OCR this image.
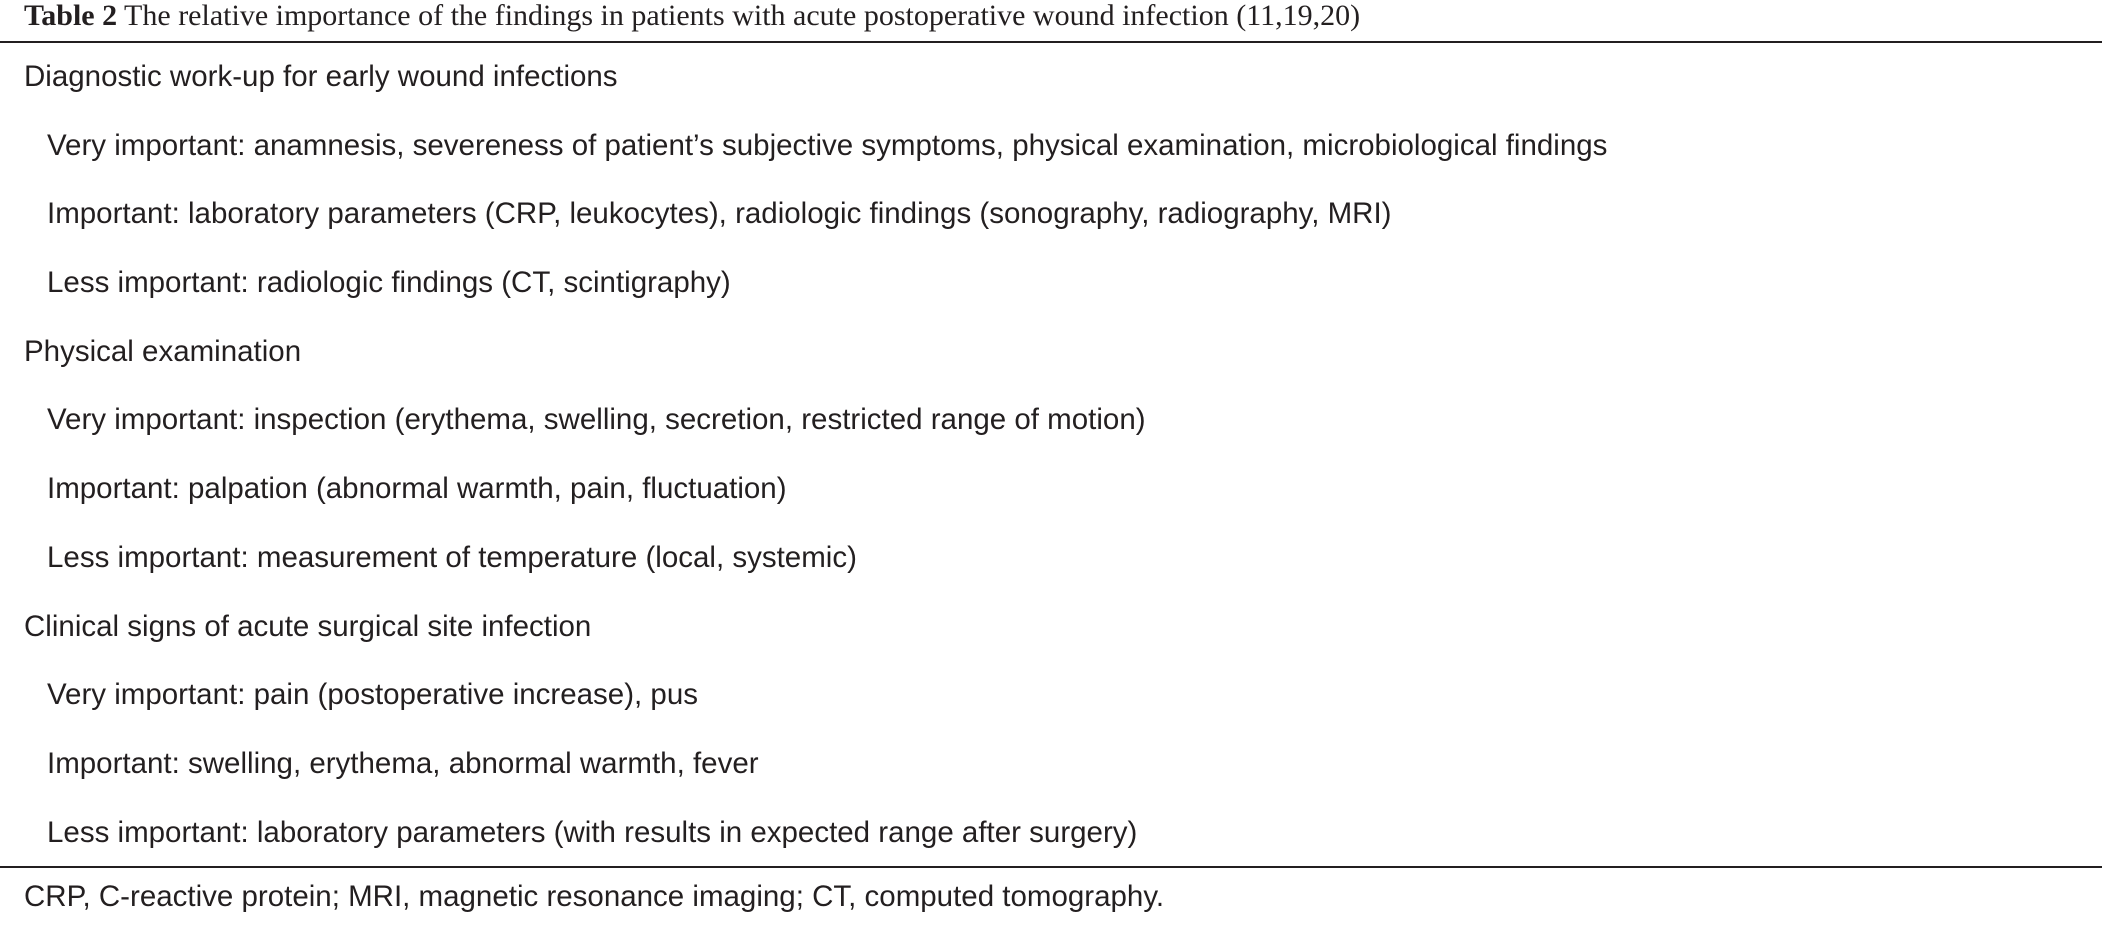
Table 2 The relative importance of the findings in patients with acute postoperative wound infection (11,19,20)
Diagnostic work-up for early wound infections
Very important: anamnesis, severeness of patient’s subjective symptoms, physical examination, microbiological findings
Important: laboratory parameters (CRP, leukocytes), radiologic findings (sonography, radiography, MRI)
Less important: radiologic findings (CT, scintigraphy)
Physical examination
Very important: inspection (erythema, swelling, secretion, restricted range of motion)
Important: palpation (abnormal warmth, pain, fluctuation)
Less important: measurement of temperature (local, systemic)
Clinical signs of acute surgical site infection
Very important: pain (postoperative increase), pus
Important: swelling, erythema, abnormal warmth, fever
Less important: laboratory parameters (with results in expected range after surgery)
CRP, C-reactive protein; MRI, magnetic resonance imaging; CT, computed tomography.
